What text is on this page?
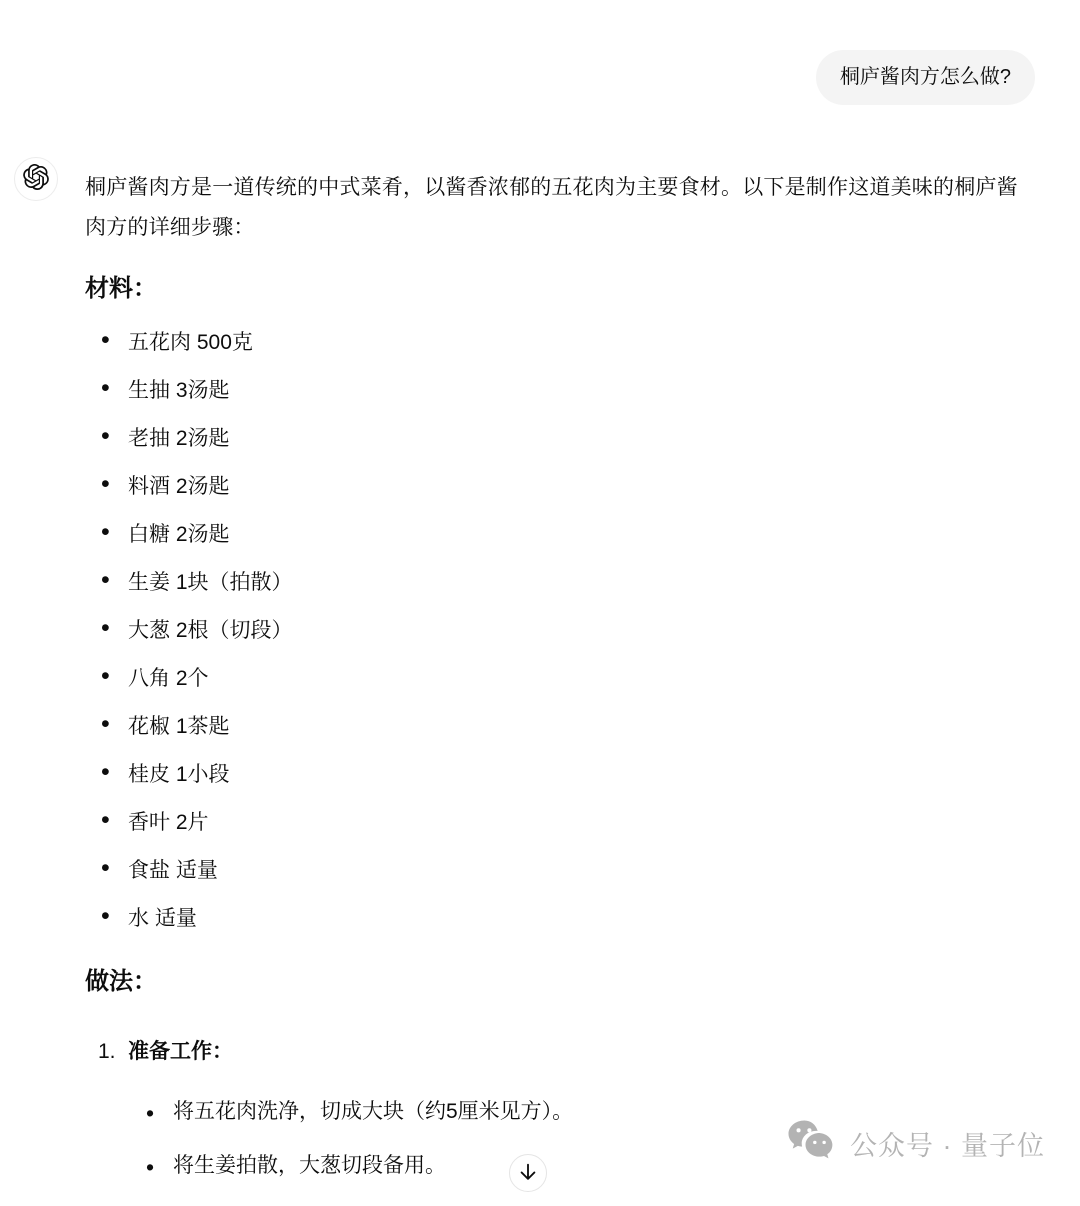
桐庐酱肉方怎么做?

桐庐酱肉方是一道传统的中式菜肴，以酱香浓郁的五花肉为主要食材。以下是制作这道美味的桐庐酱肉方的详细步骤：

材料：
• 五花肉 500克
• 生抽 3汤匙
• 老抽 2汤匙
• 料酒 2汤匙
• 白糖 2汤匙
• 生姜 1块（拍散）
• 大葱 2根（切段）
• 八角 2个
• 花椒 1茶匙
• 桂皮 1小段
• 香叶 2片
• 食盐 适量
• 水 适量
做法：
1. 准备工作：
• 将五花肉洗净，切成大块（约5厘米见方）。
• 将生姜拍散，大葱切段备用。
公众号 · 量子位
